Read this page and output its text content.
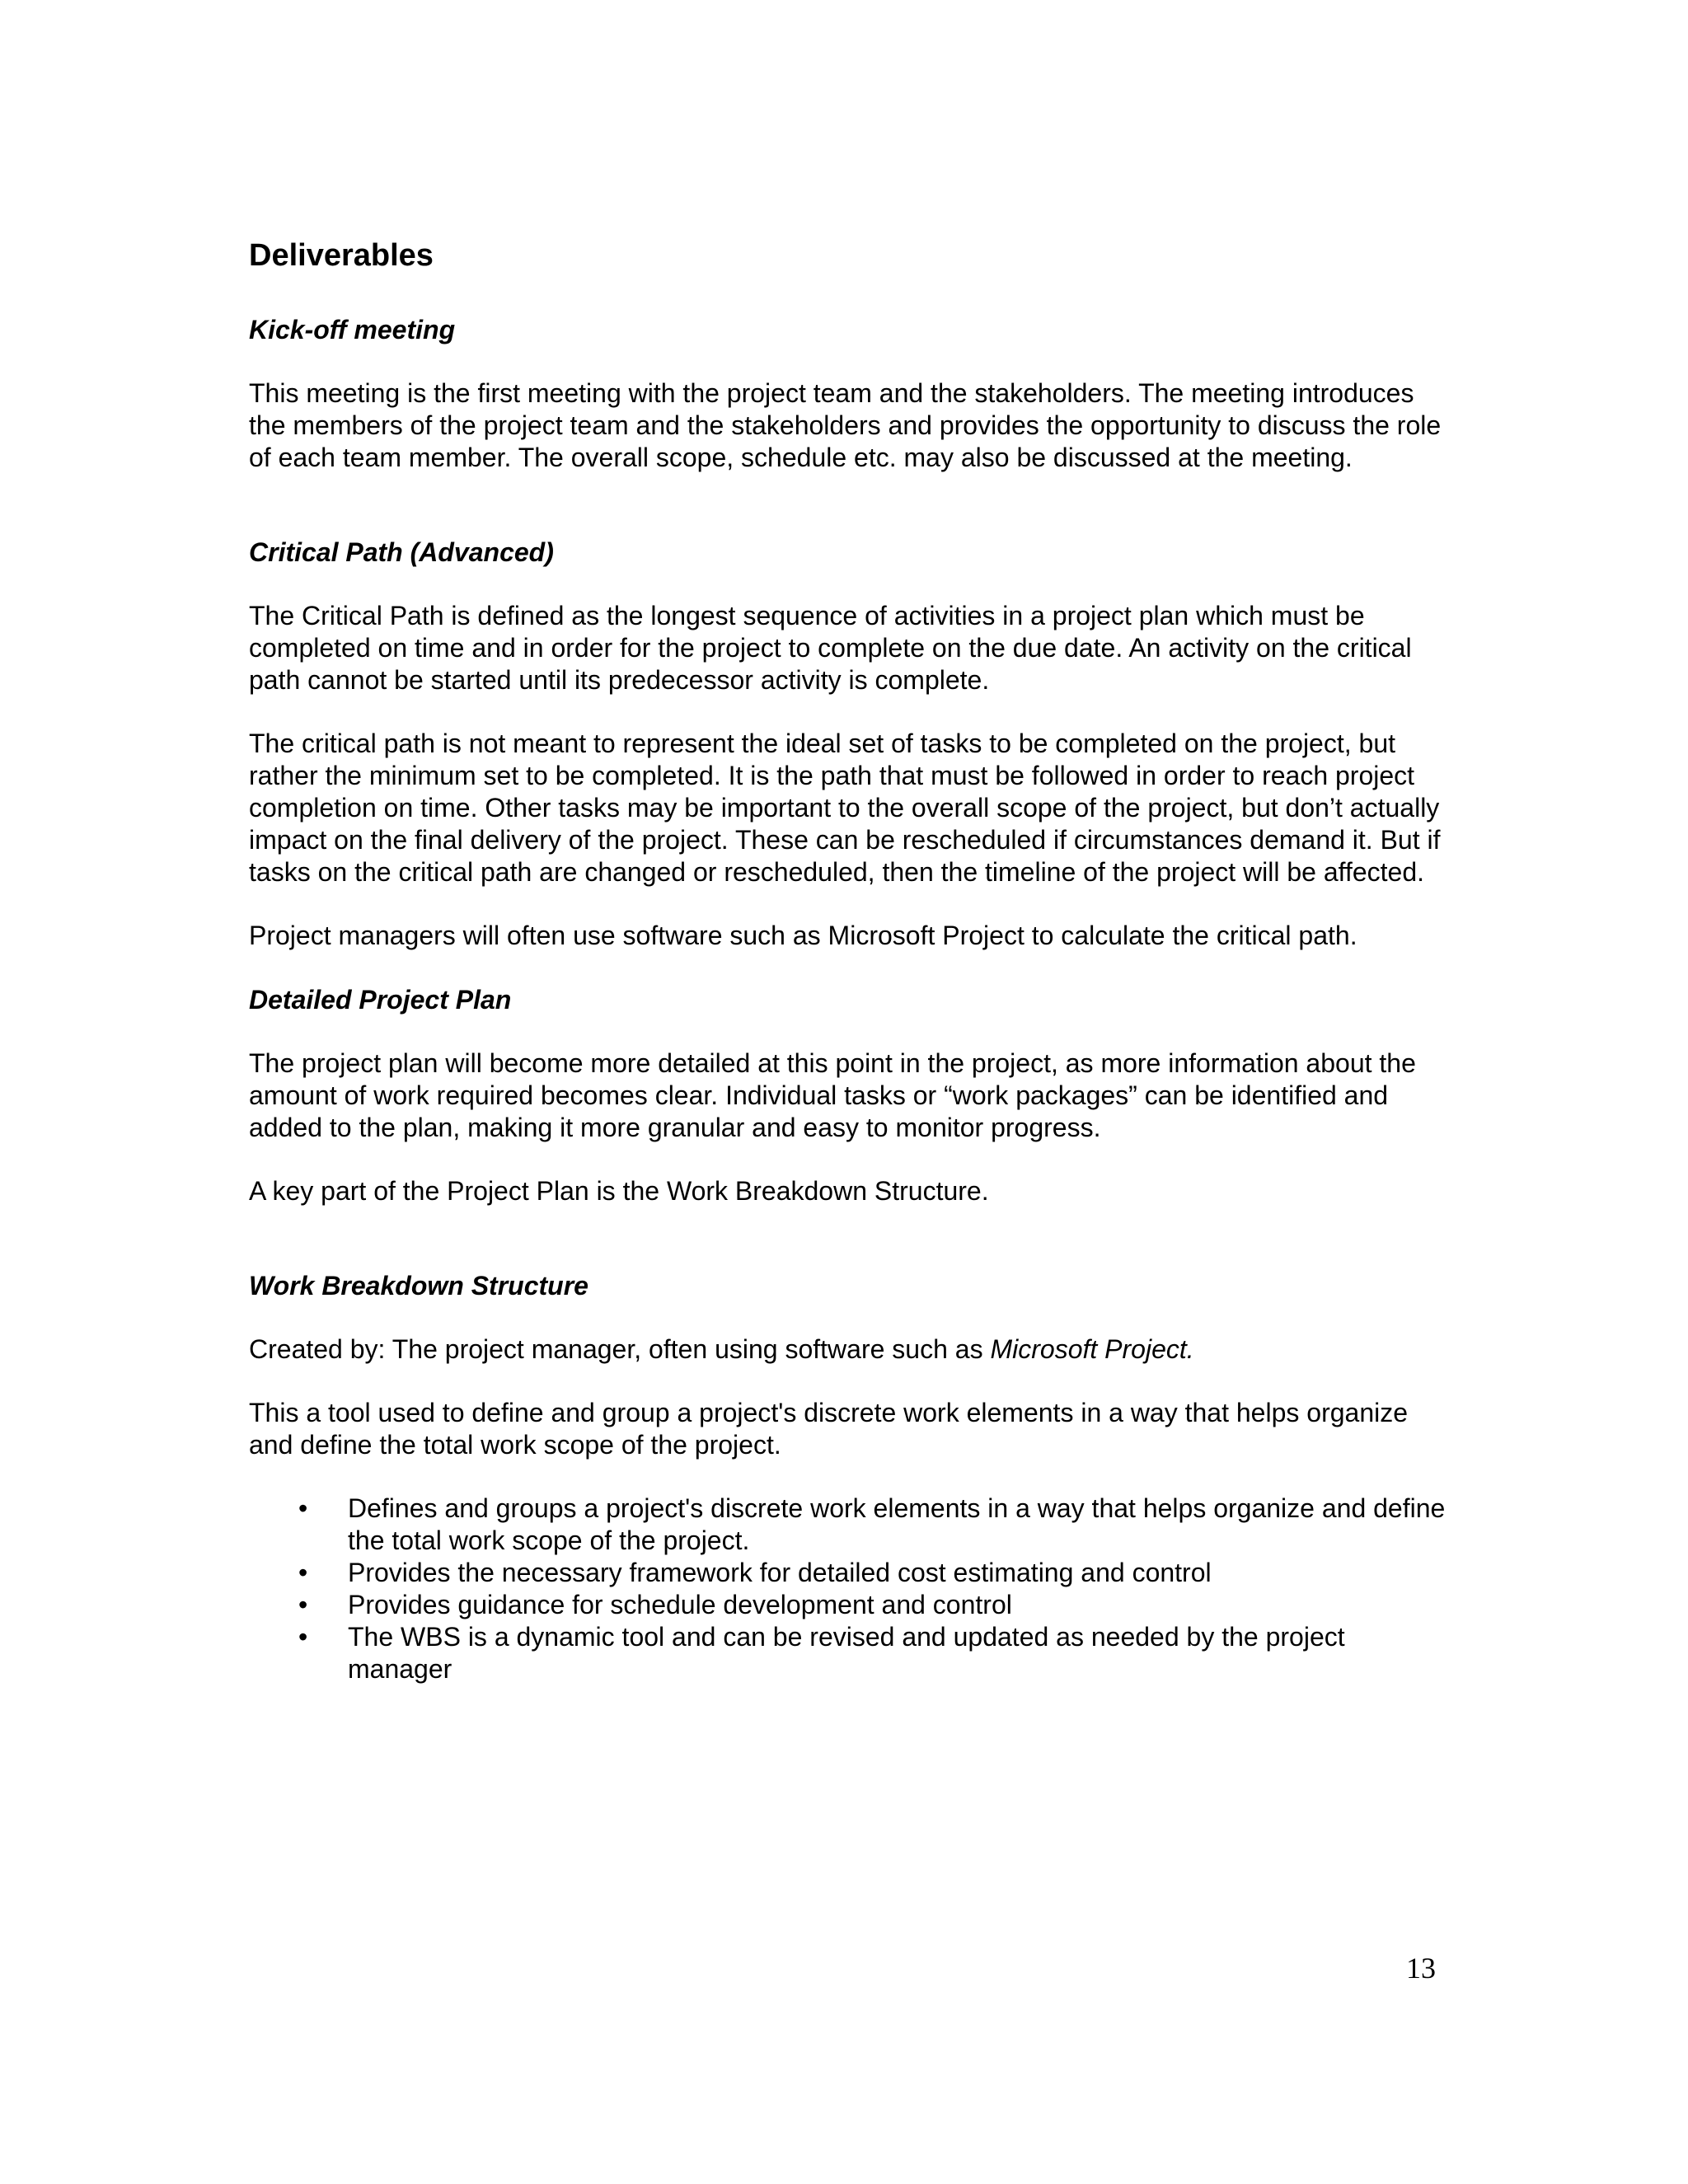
Deliverables
Kick-off meeting

This meeting is the first meeting with the project team and the stakeholders. The meeting introduces the members of the project team and the stakeholders and provides the opportunity to discuss the role of each team member. The overall scope, schedule etc. may also be discussed at the meeting.

Critical Path (Advanced)

The Critical Path is defined as the longest sequence of activities in a project plan which must be completed on time and in order for the project to complete on the due date. An activity on the critical path cannot be started until its predecessor activity is complete.

The critical path is not meant to represent the ideal set of tasks to be completed on the project, but rather the minimum set to be completed. It is the path that must be followed in order to reach project completion on time. Other tasks may be important to the overall scope of the project, but don’t actually impact on the final delivery of the project. These can be rescheduled if circumstances demand it. But if tasks on the critical path are changed or rescheduled, then the timeline of the project will be affected.

Project managers will often use software such as Microsoft Project to calculate the critical path.

Detailed Project Plan

The project plan will become more detailed at this point in the project, as more information about the amount of work required becomes clear. Individual tasks or “work packages” can be identified and added to the plan, making it more granular and easy to monitor progress.

A key part of the Project Plan is the Work Breakdown Structure.

Work Breakdown Structure

Created by: The project manager, often using software such as Microsoft Project.

This a tool used to define and group a project's discrete work elements in a way that helps organize and define the total work scope of the project.

• Defines and groups a project's discrete work elements in a way that helps organize and define the total work scope of the project.
• Provides the necessary framework for detailed cost estimating and control
• Provides guidance for schedule development and control
• The WBS is a dynamic tool and can be revised and updated as needed by the project manager
13
